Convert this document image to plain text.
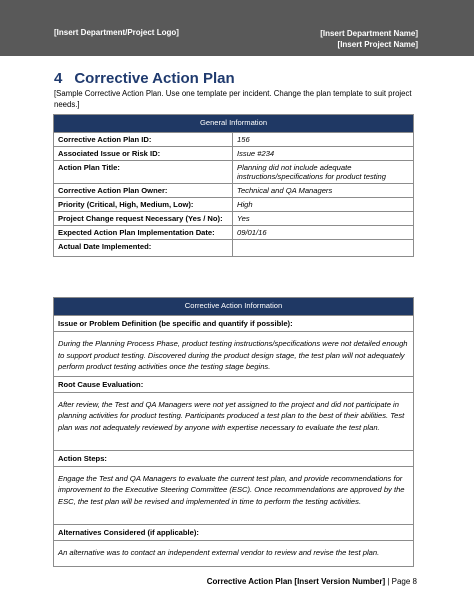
[Insert Department/Project Logo]	[Insert Department Name]
[Insert Project Name]
4 Corrective Action Plan
[Sample Corrective Action Plan. Use one template per incident. Change the plan template to suit project needs.]
General Information	
Corrective Action Plan ID:	156
Associated Issue or Risk ID:	Issue #234
Action Plan Title:	Planning did not include adequate instructions/specifications for product testing
Corrective Action Plan Owner:	Technical and QA Managers
Priority (Critical, High, Medium, Low):	High
Project Change request Necessary (Yes / No):	Yes
Expected Action Plan Implementation Date:	09/01/16
Actual Date Implemented:	
Corrective Action Information
Issue or Problem Definition (be specific and quantify if possible):
During the Planning Process Phase, product testing instructions/specifications were not detailed enough to support product testing. Discovered during the product design stage, the test plan will not adequately perform product testing activities once the testing stage begins.
Root Cause Evaluation:
After review, the Test and QA Managers were not yet assigned to the project and did not participate in planning activities for product testing. Participants produced a test plan to the best of their abilities. Test plan was not adequately reviewed by anyone with expertise necessary to evaluate the test plan.
Action Steps:
Engage the Test and QA Managers to evaluate the current test plan, and provide recommendations for improvement to the Executive Steering Committee (ESC). Once recommendations are approved by the ESC, the test plan will be revised and implemented in time to perform the testing activities.
Alternatives Considered (if applicable):
An alternative was to contact an independent external vendor to review and revise the test plan.
Corrective Action Plan [Insert Version Number] | Page 8
